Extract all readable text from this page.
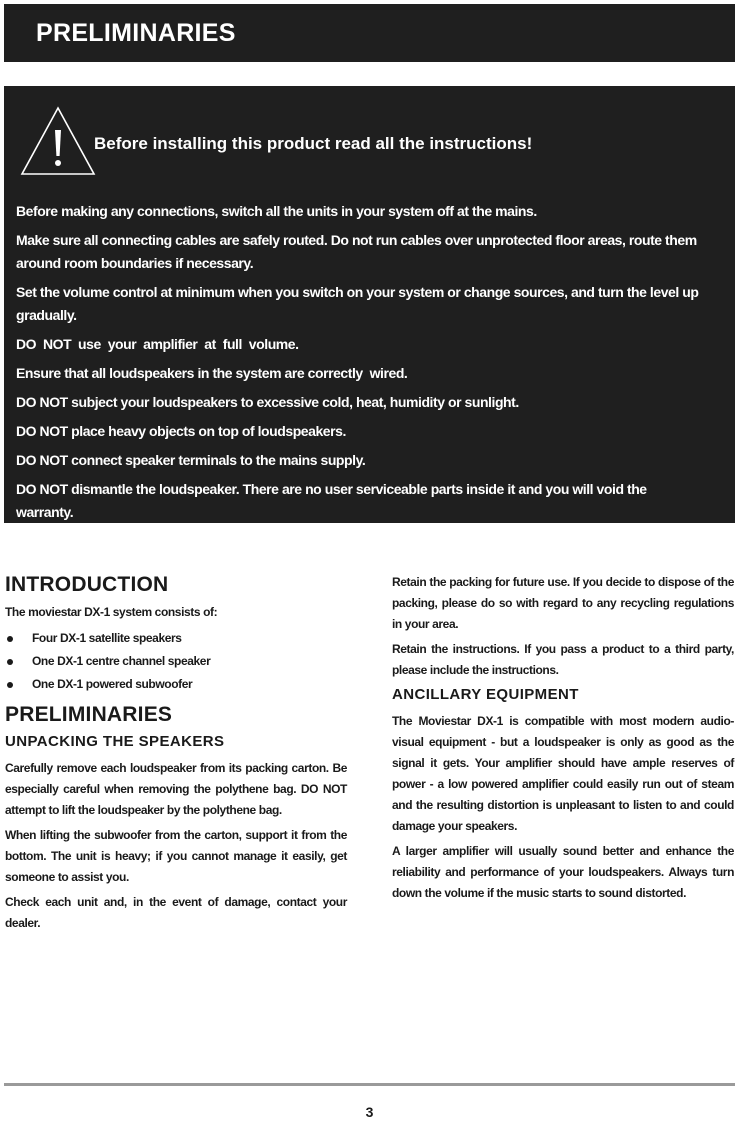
PRELIMINARIES
Before installing this product read all the instructions!
Before making any connections, switch all the units in your system off at the mains.
Make sure all connecting cables are safely routed. Do not run cables over unprotected floor areas, route them around room boundaries if necessary.
Set the volume control at minimum when you switch on your system or change sources, and turn the level up gradually.
DO  NOT  use  your  amplifier  at  full  volume.
Ensure that all loudspeakers in the system are correctly  wired.
DO NOT subject your loudspeakers to excessive cold, heat, humidity or sunlight.
DO NOT place heavy objects on top of loudspeakers.
DO NOT connect speaker terminals to the mains supply.
DO NOT dismantle the loudspeaker. There are no user serviceable parts inside it and you will void the warranty.
INTRODUCTION

The moviestar DX-1 system consists of:

Four DX-1 satellite speakers
One DX-1 centre channel speaker
One DX-1 powered subwoofer
PRELIMINARIES
UNPACKING THE SPEAKERS

Carefully remove each loudspeaker from its packing carton. Be especially careful when removing the polythene bag. DO NOT attempt to lift the loudspeaker by the polythene bag.

When lifting the subwoofer from the carton, support it from the bottom. The unit is heavy; if you cannot manage it easily, get someone to assist you.

Check each unit and, in the event of damage, contact your dealer.

Retain the packing for future use. If you decide to dispose of the packing, please do so with regard to any recycling regulations in your area.

Retain the instructions. If you pass a product to a third party, please include the instructions.

ANCILLARY EQUIPMENT

The Moviestar DX-1 is compatible with most modern audio-visual equipment - but a loudspeaker is only as good as the signal it gets. Your amplifier should have ample reserves of power - a low powered amplifier could easily run out of steam and the resulting distortion is unpleasant to listen to and could damage your speakers.

A larger amplifier will usually sound better and enhance the reliability and performance of your loudspeakers. Always turn down the volume if the music starts to sound distorted.

3
